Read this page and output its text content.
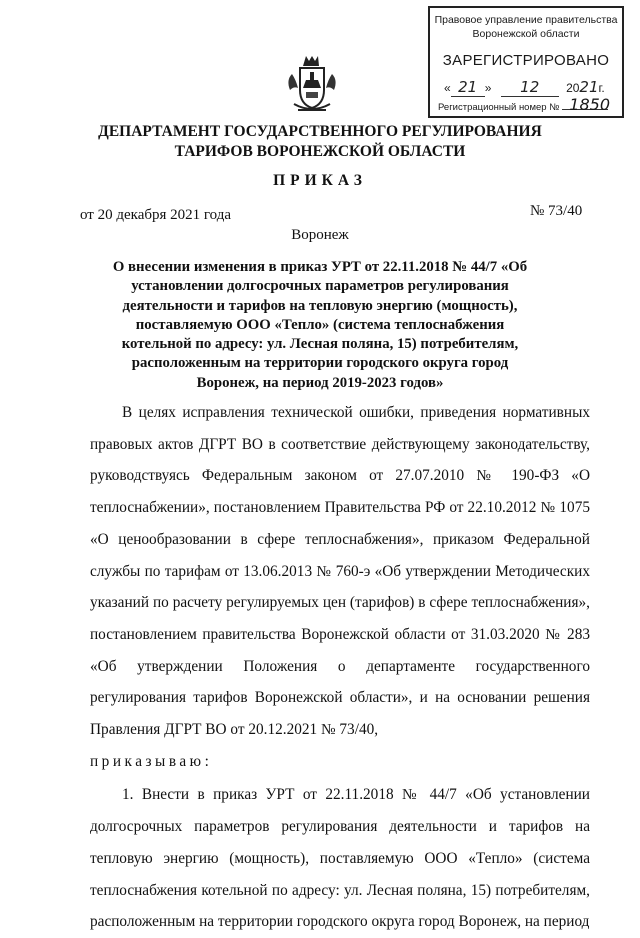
Правовое управление правительства
Воронежской области
ЗАРЕГИСТРИРОВАНО
« 21 » 12 2021г.
Регистрационный номер № 1850
ДЕПАРТАМЕНТ ГОСУДАРСТВЕННОГО РЕГУЛИРОВАНИЯ
ТАРИФОВ ВОРОНЕЖСКОЙ ОБЛАСТИ
ПРИКАЗ
от 20 декабря 2021 года	№ 73/40
Воронеж
О внесении изменения в приказ УРТ от 22.11.2018 № 44/7 «Об установлении долгосрочных параметров регулирования деятельности и тарифов на тепловую энергию (мощность), поставляемую ООО «Тепло» (система теплоснабжения котельной по адресу: ул. Лесная поляна, 15) потребителям, расположенным на территории городского округа город Воронеж, на период 2019-2023 годов»

В целях исправления технической ошибки, приведения нормативных правовых актов ДГРТ ВО в соответствие действующему законодательству, руководствуясь Федеральным законом от 27.07.2010 № 190-ФЗ «О теплоснабжении», постановлением Правительства РФ от 22.10.2012 № 1075 «О ценообразовании в сфере теплоснабжения», приказом Федеральной службы по тарифам от 13.06.2013 № 760-э «Об утверждении Методических указаний по расчету регулируемых цен (тарифов) в сфере теплоснабжения», постановлением правительства Воронежской области от 31.03.2020 № 283 «Об утверждении Положения о департаменте государственного регулирования тарифов Воронежской области», и на основании решения Правления ДГРТ ВО от 20.12.2021 № 73/40,

приказываю:

1. Внести в приказ УРТ от 22.11.2018 № 44/7 «Об установлении долгосрочных параметров регулирования деятельности и тарифов на тепловую энергию (мощность), поставляемую ООО «Тепло» (система теплоснабжения котельной по адресу: ул. Лесная поляна, 15) потребителям, расположенным на территории городского округа город Воронеж, на период
